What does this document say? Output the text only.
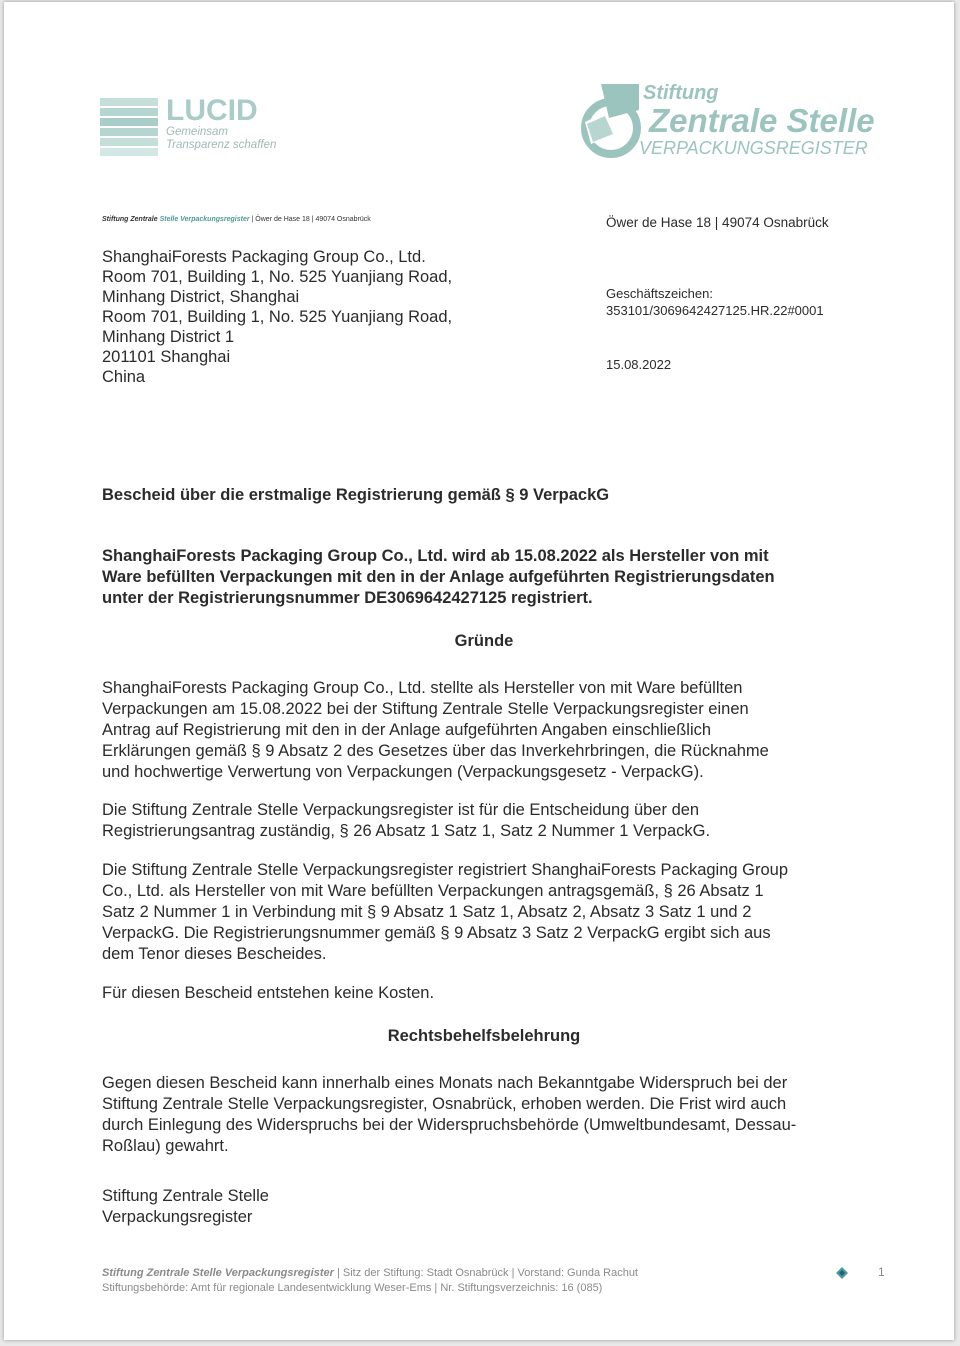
LUCID
Gemeinsam
Transparenz schaffen
Stiftung
Zentrale Stelle
VERPACKUNGSREGISTER
Stiftung Zentrale Stelle Verpackungsregister | Öwer de Hase 18 | 49074 Osnabrück
ShanghaiForests Packaging Group Co., Ltd.
Room 701, Building 1, No. 525 Yuanjiang Road,
Minhang District, Shanghai
Room 701, Building 1, No. 525 Yuanjiang Road,
Minhang District 1
201101 Shanghai
China
Öwer de Hase 18 | 49074 Osnabrück
Geschäftszeichen:
353101/3069642427125.HR.22#0001
15.08.2022
Bescheid über die erstmalige Registrierung gemäß § 9 VerpackG
ShanghaiForests Packaging Group Co., Ltd. wird ab 15.08.2022 als Hersteller von mit
Ware befüllten Verpackungen mit den in der Anlage aufgeführten Registrierungsdaten
unter der Registrierungsnummer DE3069642427125 registriert.
Gründe
ShanghaiForests Packaging Group Co., Ltd. stellte als Hersteller von mit Ware befüllten
Verpackungen am 15.08.2022 bei der Stiftung Zentrale Stelle Verpackungsregister einen
Antrag auf Registrierung mit den in der Anlage aufgeführten Angaben einschließlich
Erklärungen gemäß § 9 Absatz 2 des Gesetzes über das Inverkehrbringen, die Rücknahme
und hochwertige Verwertung von Verpackungen (Verpackungsgesetz - VerpackG).
Die Stiftung Zentrale Stelle Verpackungsregister ist für die Entscheidung über den
Registrierungsantrag zuständig, § 26 Absatz 1 Satz 1, Satz 2 Nummer 1 VerpackG.
Die Stiftung Zentrale Stelle Verpackungsregister registriert ShanghaiForests Packaging Group
Co., Ltd. als Hersteller von mit Ware befüllten Verpackungen antragsgemäß, § 26 Absatz 1
Satz 2 Nummer 1 in Verbindung mit § 9 Absatz 1 Satz 1, Absatz 2, Absatz 3 Satz 1 und 2
VerpackG. Die Registrierungsnummer gemäß § 9 Absatz 3 Satz 2 VerpackG ergibt sich aus
dem Tenor dieses Bescheides.
Für diesen Bescheid entstehen keine Kosten.
Rechtsbehelfsbelehrung
Gegen diesen Bescheid kann innerhalb eines Monats nach Bekanntgabe Widerspruch bei der
Stiftung Zentrale Stelle Verpackungsregister, Osnabrück, erhoben werden. Die Frist wird auch
durch Einlegung des Widerspruchs bei der Widerspruchsbehörde (Umweltbundesamt, Dessau-
Roßlau) gewahrt.
Stiftung Zentrale Stelle
Verpackungsregister
Stiftung Zentrale Stelle Verpackungsregister | Sitz der Stiftung: Stadt Osnabrück | Vorstand: Gunda Rachut
Stiftungsbehörde: Amt für regionale Landesentwicklung Weser-Ems | Nr. Stiftungsverzeichnis: 16 (085)
1
